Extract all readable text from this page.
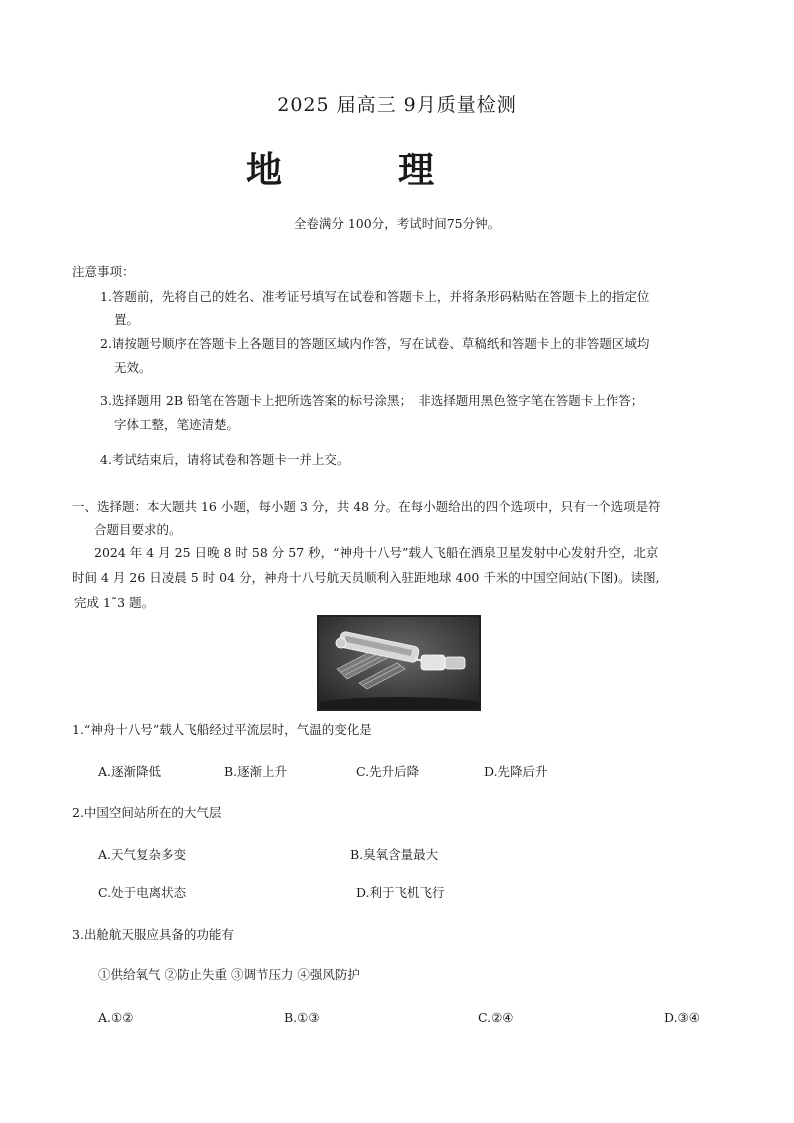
2025 届高三 9月质量检测
地　理
全卷满分 100分，考试时间75分钟。
注意事项：
1.答题前，先将自己的姓名、准考证号填写在试卷和答题卡上，并将条形码粘贴在答题卡上的指定位
置。
2.请按题号顺序在答题卡上各题目的答题区域内作答，写在试卷、草稿纸和答题卡上的非答题区域均
无效。
3.选择题用 2B 铅笔在答题卡上把所选答案的标号涂黑；　非选择题用黑色签字笔在答题卡上作答；
字体工整，笔迹清楚。
4.考试结束后，请将试卷和答题卡一并上交。
一、选择题：本大题共 16 小题，每小题 3 分，共 48 分。在每小题给出的四个选项中，只有一个选项是符
合题目要求的。
2024 年 4 月 25 日晚 8 时 58 分 57 秒，“神舟十八号”载人飞船在酒泉卫星发射中心发射升空，北京
时间 4 月 26 日凌晨 5 时 04 分，神舟十八号航天员顺利入驻距地球 400 千米的中国空间站(下图)。读图,
完成 1˜3 题。
1.“神舟十八号”载人飞船经过平流层时，气温的变化是
A.逐渐降低	B.逐渐上升	C.先升后降	D.先降后升
2.中国空间站所在的大气层
A.天气复杂多变	B.臭氧含量最大
C.处于电离状态	D.利于飞机飞行
3.出舱航天服应具备的功能有
①供给氧气 ②防止失重 ③调节压力 ④强风防护
A.①②	B.①③	C.②④	D.③④
